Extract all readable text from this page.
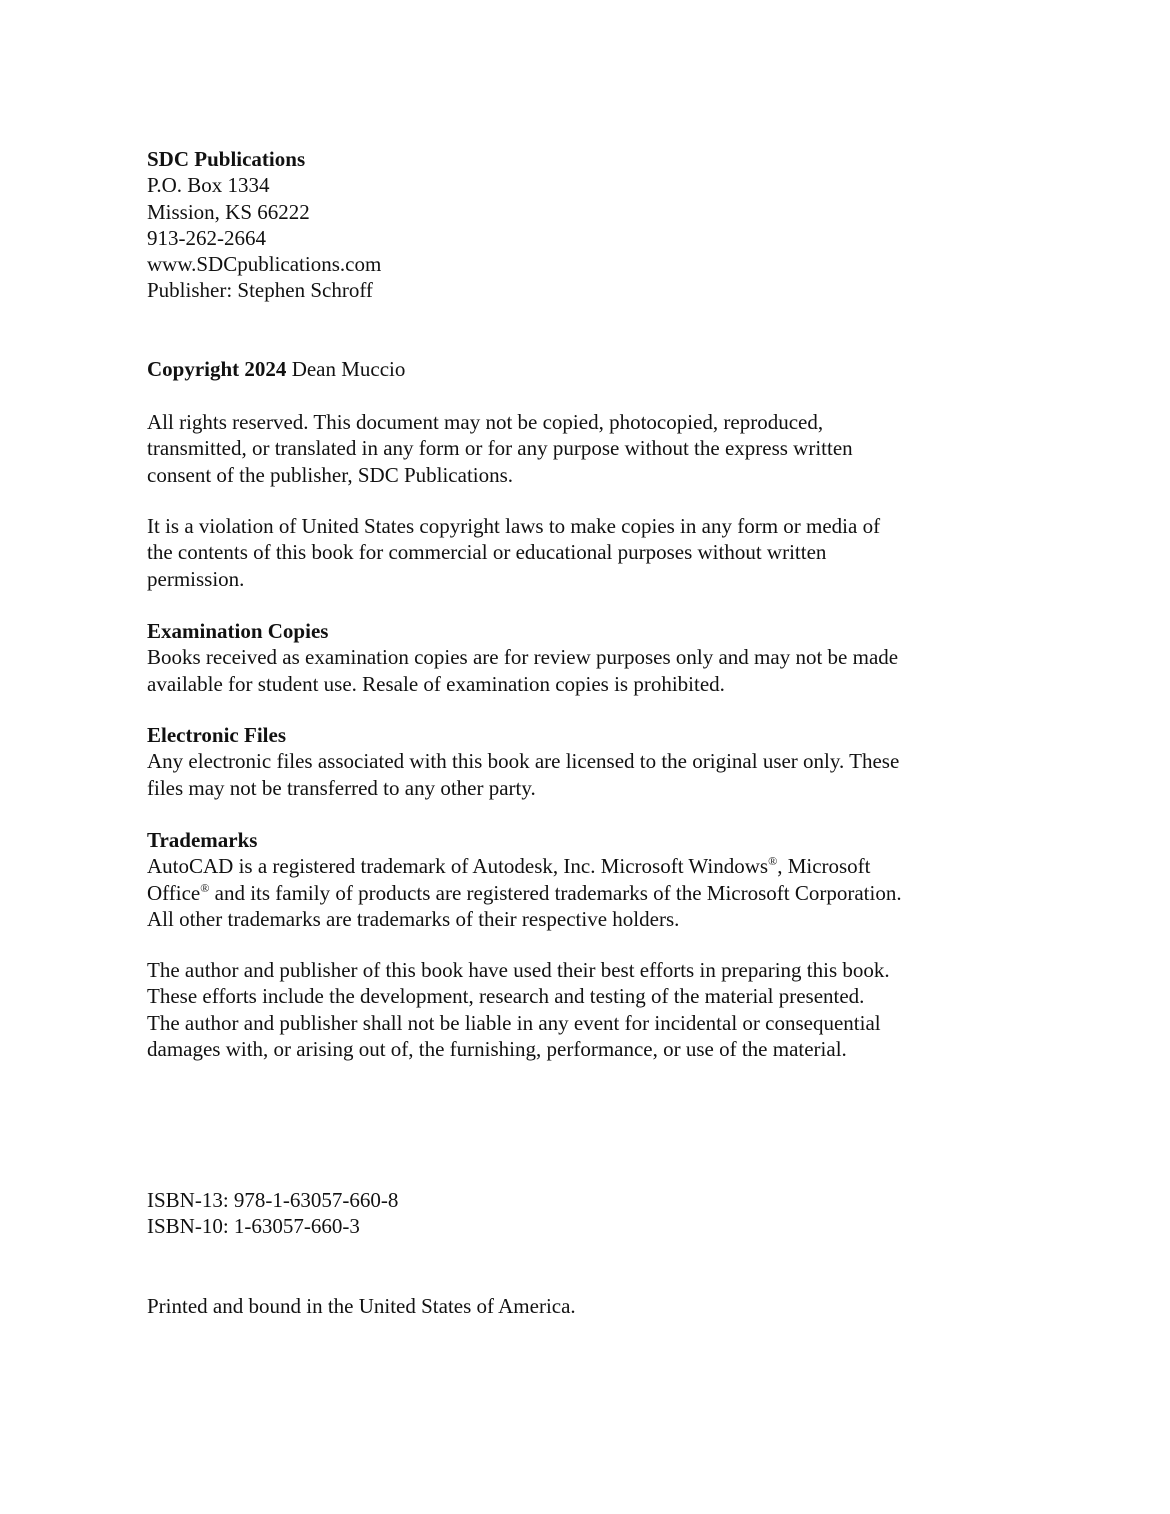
SDC Publications
P.O. Box 1334
Mission, KS 66222
913-262-2664
www.SDCpublications.com
Publisher: Stephen Schroff
Copyright 2024 Dean Muccio
All rights reserved. This document may not be copied, photocopied, reproduced,
transmitted, or translated in any form or for any purpose without the express written
consent of the publisher, SDC Publications.
It is a violation of United States copyright laws to make copies in any form or media of
the contents of this book for commercial or educational purposes without written
permission.
Examination Copies
Books received as examination copies are for review purposes only and may not be made
available for student use. Resale of examination copies is prohibited.
Electronic Files
Any electronic files associated with this book are licensed to the original user only. These
files may not be transferred to any other party.
Trademarks
AutoCAD is a registered trademark of Autodesk, Inc. Microsoft Windows®, Microsoft
Office® and its family of products are registered trademarks of the Microsoft Corporation.
All other trademarks are trademarks of their respective holders.
The author and publisher of this book have used their best efforts in preparing this book.
These efforts include the development, research and testing of the material presented.
The author and publisher shall not be liable in any event for incidental or consequential
damages with, or arising out of, the furnishing, performance, or use of the material.
ISBN-13: 978-1-63057-660-8
ISBN-10: 1-63057-660-3
Printed and bound in the United States of America.
